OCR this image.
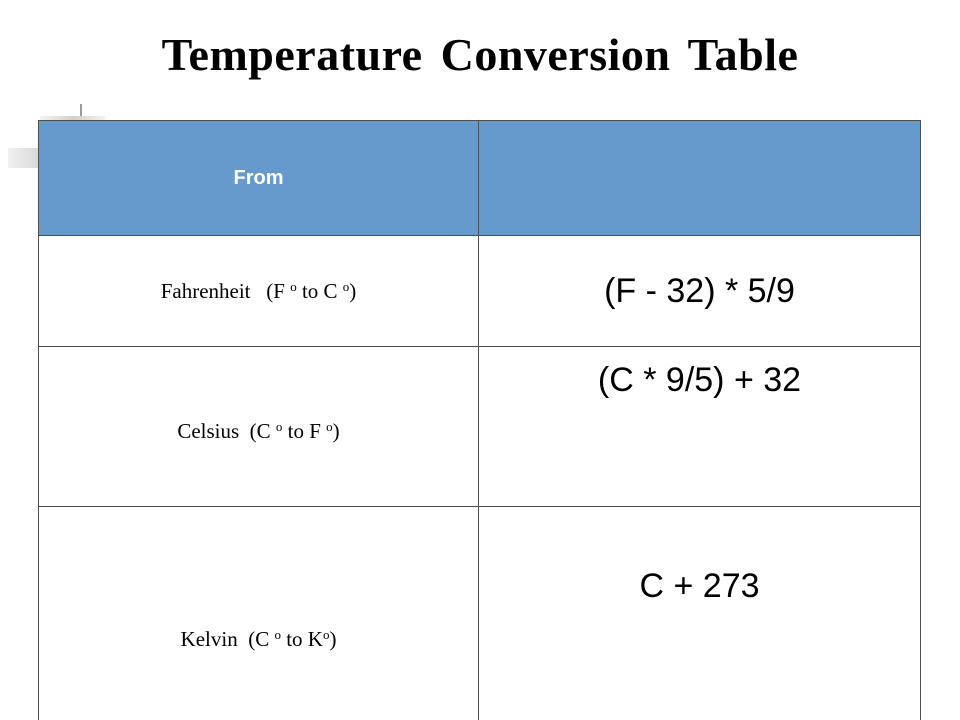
Temperature Conversion Table
From	
Fahrenheit (F $^o$ to C $^o$)	(F - 32) * 5/9
Celsius (C $^o$ to F $^o$)	(C * 9/5) + 32
Kelvin (C $^o$ to $K^o$)	C + 273
